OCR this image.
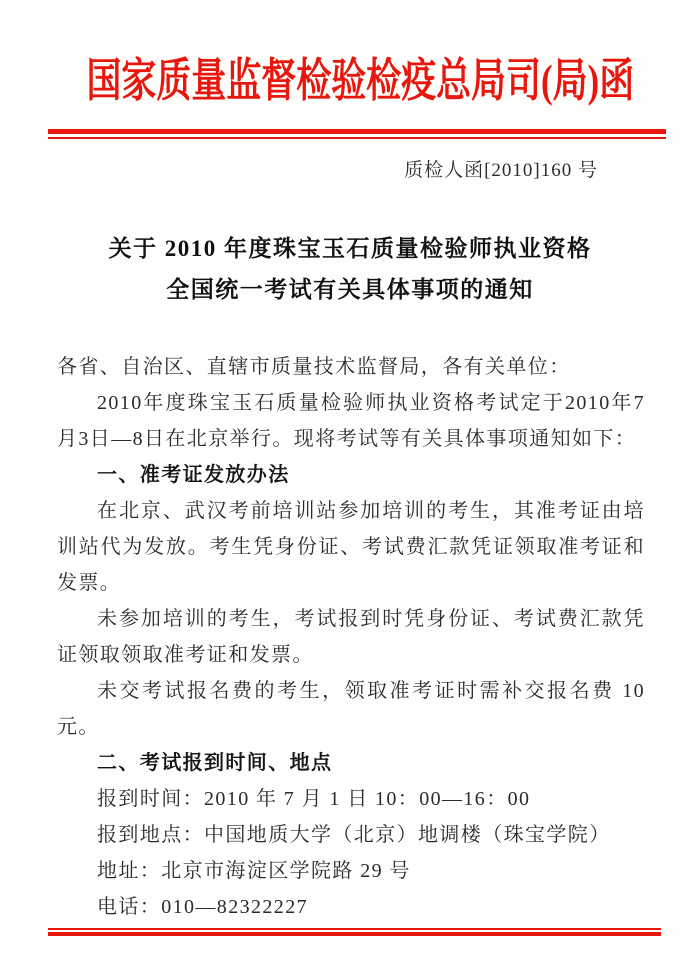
国家质量监督检验检疫总局司(局)函
质检人函[2010]160 号
关于 2010 年度珠宝玉石质量检验师执业资格
全国统一考试有关具体事项的通知

各省、自治区、直辖市质量技术监督局，各有关单位：

2010年度珠宝玉石质量检验师执业资格考试定于2010年7月3日—8日在北京举行。现将考试等有关具体事项通知如下：

一、准考证发放办法

在北京、武汉考前培训站参加培训的考生，其准考证由培训站代为发放。考生凭身份证、考试费汇款凭证领取准考证和发票。

未参加培训的考生，考试报到时凭身份证、考试费汇款凭证领取领取准考证和发票。

未交考试报名费的考生，领取准考证时需补交报名费 10元。

二、考试报到时间、地点

报到时间：2010 年 7 月 1 日 10：00—16：00

报到地点：中国地质大学（北京）地调楼（珠宝学院）

地址：北京市海淀区学院路 29 号

电话：010—82322227
